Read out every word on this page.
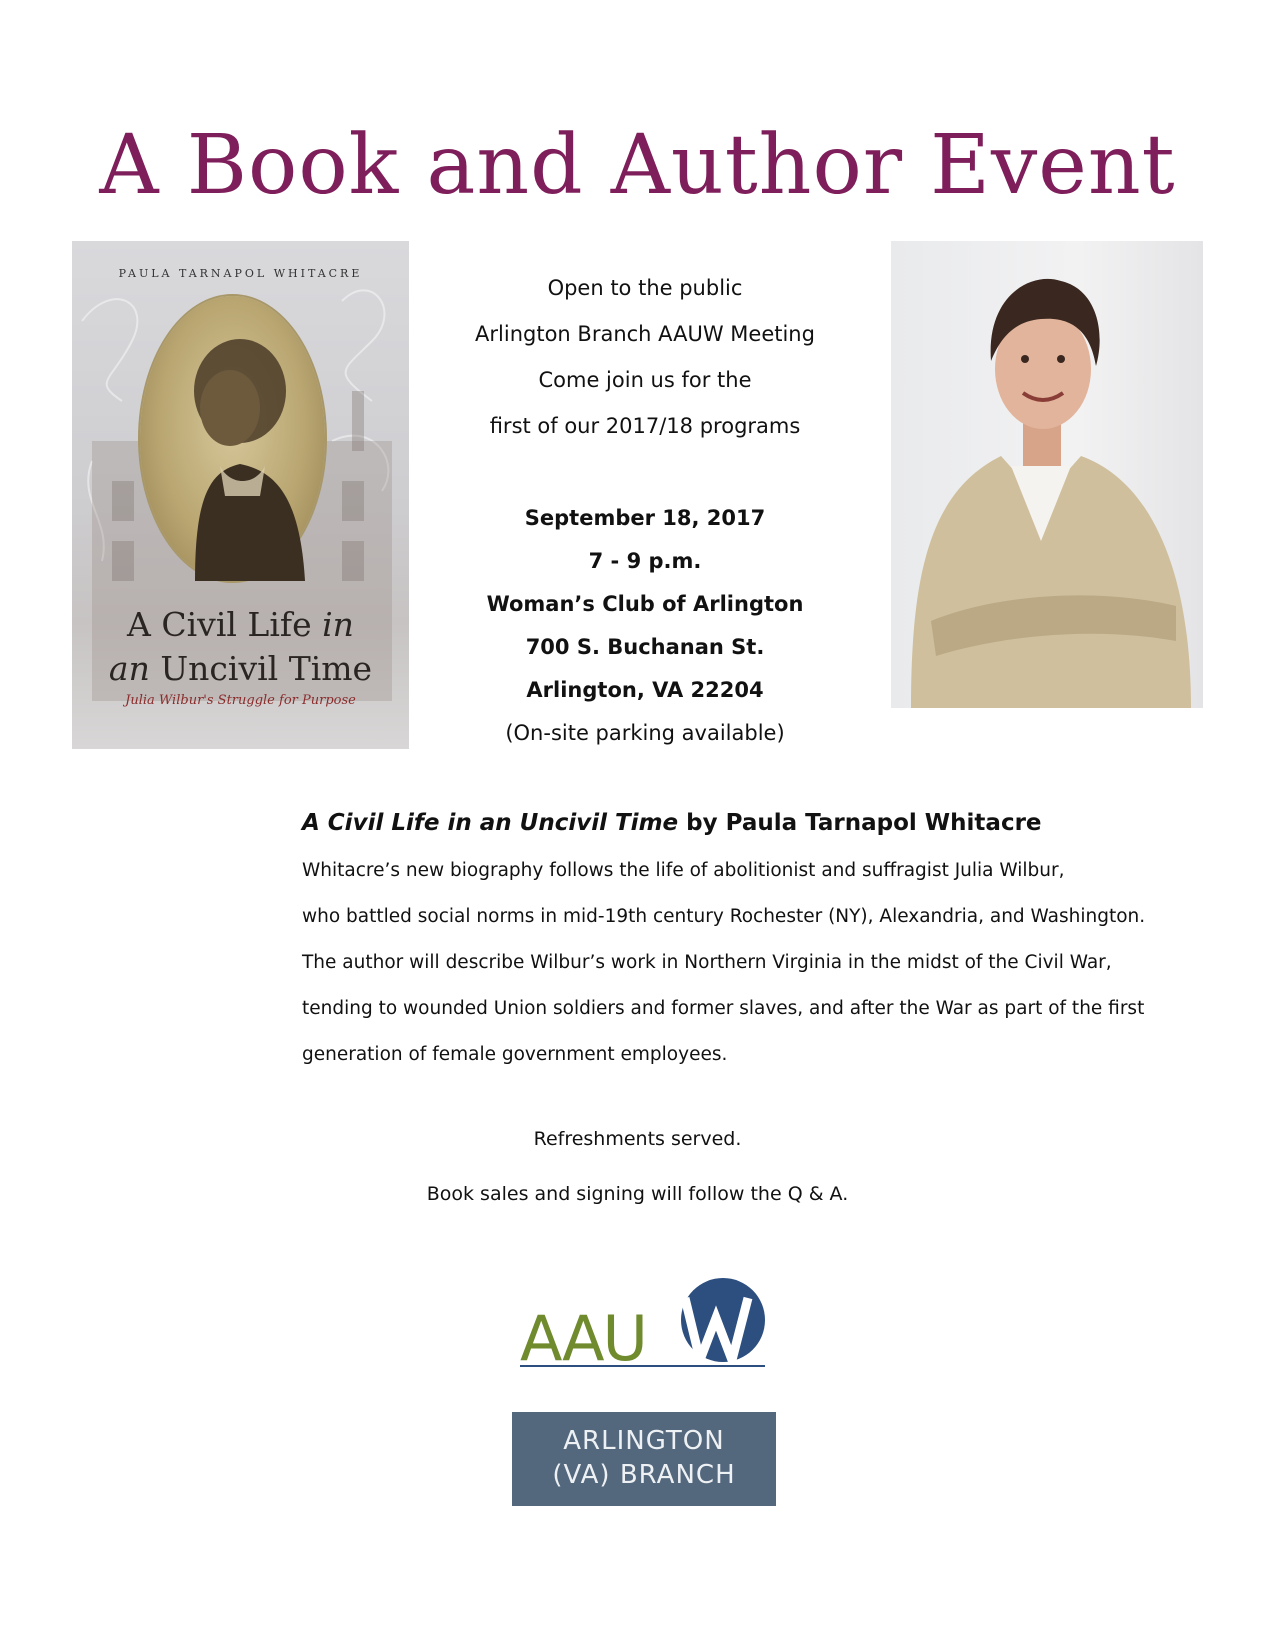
A Book and Author Event
PAULA TARNAPOL WHITACRE
A Civil Life in
an Uncivil Time
Julia Wilbur's Struggle for Purpose
Open to the public
Arlington Branch AAUW Meeting
Come join us for the
first of our 2017/18 programs
September 18, 2017
7 - 9 p.m.
Woman’s Club of Arlington
700 S. Buchanan St.
Arlington, VA 22204
(On-site parking available)
A Civil Life in an Uncivil Time by Paula Tarnapol Whitacre
Whitacre’s new biography follows the life of abolitionist and suffragist Julia Wilbur,
who battled social norms in mid-19th century Rochester (NY), Alexandria, and Washington.
The author will describe Wilbur’s work in Northern Virginia in the midst of the Civil War,
tending to wounded Union soldiers and former slaves, and after the War as part of the first
generation of female government employees.
Refreshments served.
Book sales and signing will follow the Q & A.
AAU
ARLINGTON
(VA) BRANCH
